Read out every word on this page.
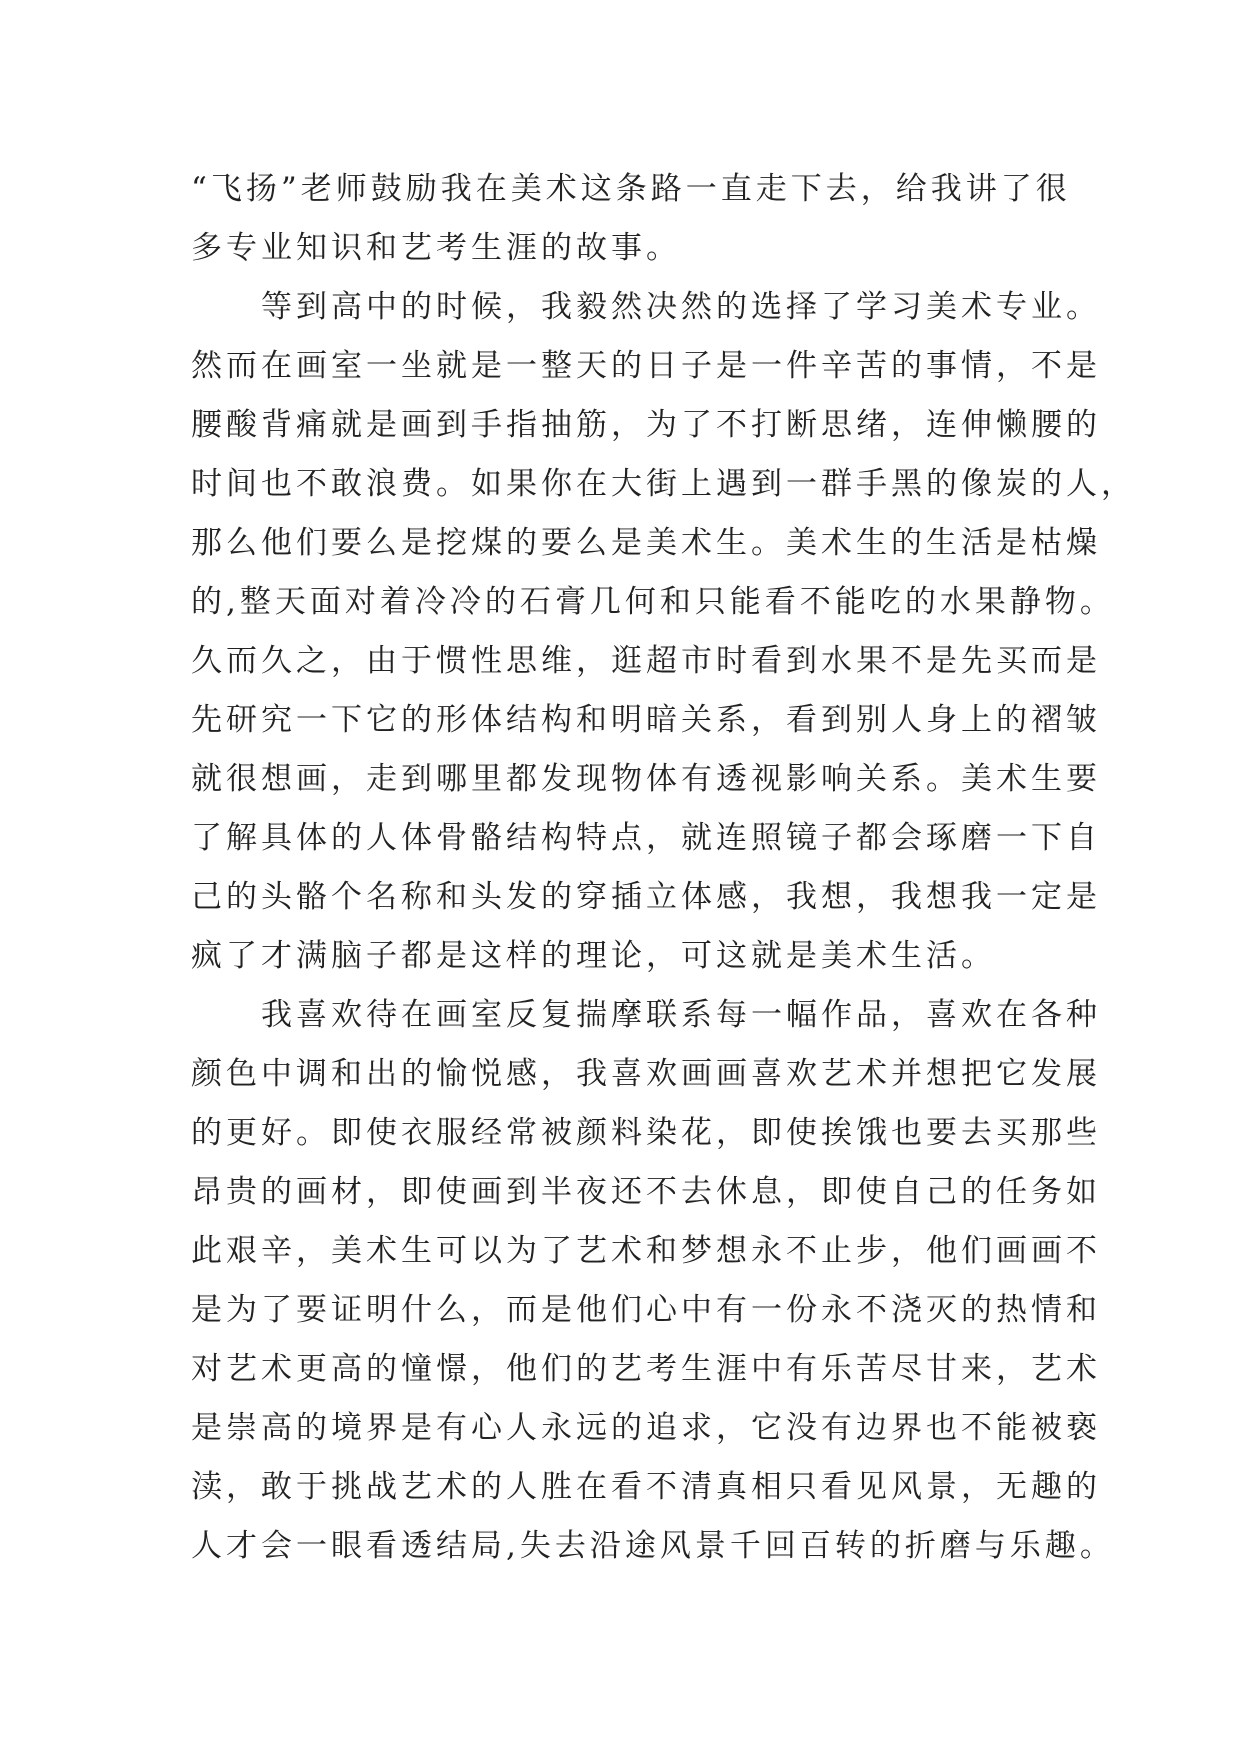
“飞扬”老师鼓励我在美术这条路一直走下去，给我讲了很
多专业知识和艺考生涯的故事。
等到高中的时候，我毅然决然的选择了学习美术专业。
然而在画室一坐就是一整天的日子是一件辛苦的事情，不是
腰酸背痛就是画到手指抽筋，为了不打断思绪，连伸懒腰的
时间也不敢浪费。如果你在大街上遇到一群手黑的像炭的人，
那么他们要么是挖煤的要么是美术生。美术生的生活是枯燥
的,整天面对着冷冷的石膏几何和只能看不能吃的水果静物。
久而久之，由于惯性思维，逛超市时看到水果不是先买而是
先研究一下它的形体结构和明暗关系，看到别人身上的褶皱
就很想画，走到哪里都发现物体有透视影响关系。美术生要
了解具体的人体骨骼结构特点，就连照镜子都会琢磨一下自
己的头骼个名称和头发的穿插立体感，我想，我想我一定是
疯了才满脑子都是这样的理论，可这就是美术生活。
我喜欢待在画室反复揣摩联系每一幅作品，喜欢在各种
颜色中调和出的愉悦感，我喜欢画画喜欢艺术并想把它发展
的更好。即使衣服经常被颜料染花，即使挨饿也要去买那些
昂贵的画材，即使画到半夜还不去休息，即使自己的任务如
此艰辛，美术生可以为了艺术和梦想永不止步，他们画画不
是为了要证明什么，而是他们心中有一份永不浇灭的热情和
对艺术更高的憧憬，他们的艺考生涯中有乐苦尽甘来，艺术
是崇高的境界是有心人永远的追求，它没有边界也不能被亵
渎，敢于挑战艺术的人胜在看不清真相只看见风景，无趣的
人才会一眼看透结局,失去沿途风景千回百转的折磨与乐趣。
